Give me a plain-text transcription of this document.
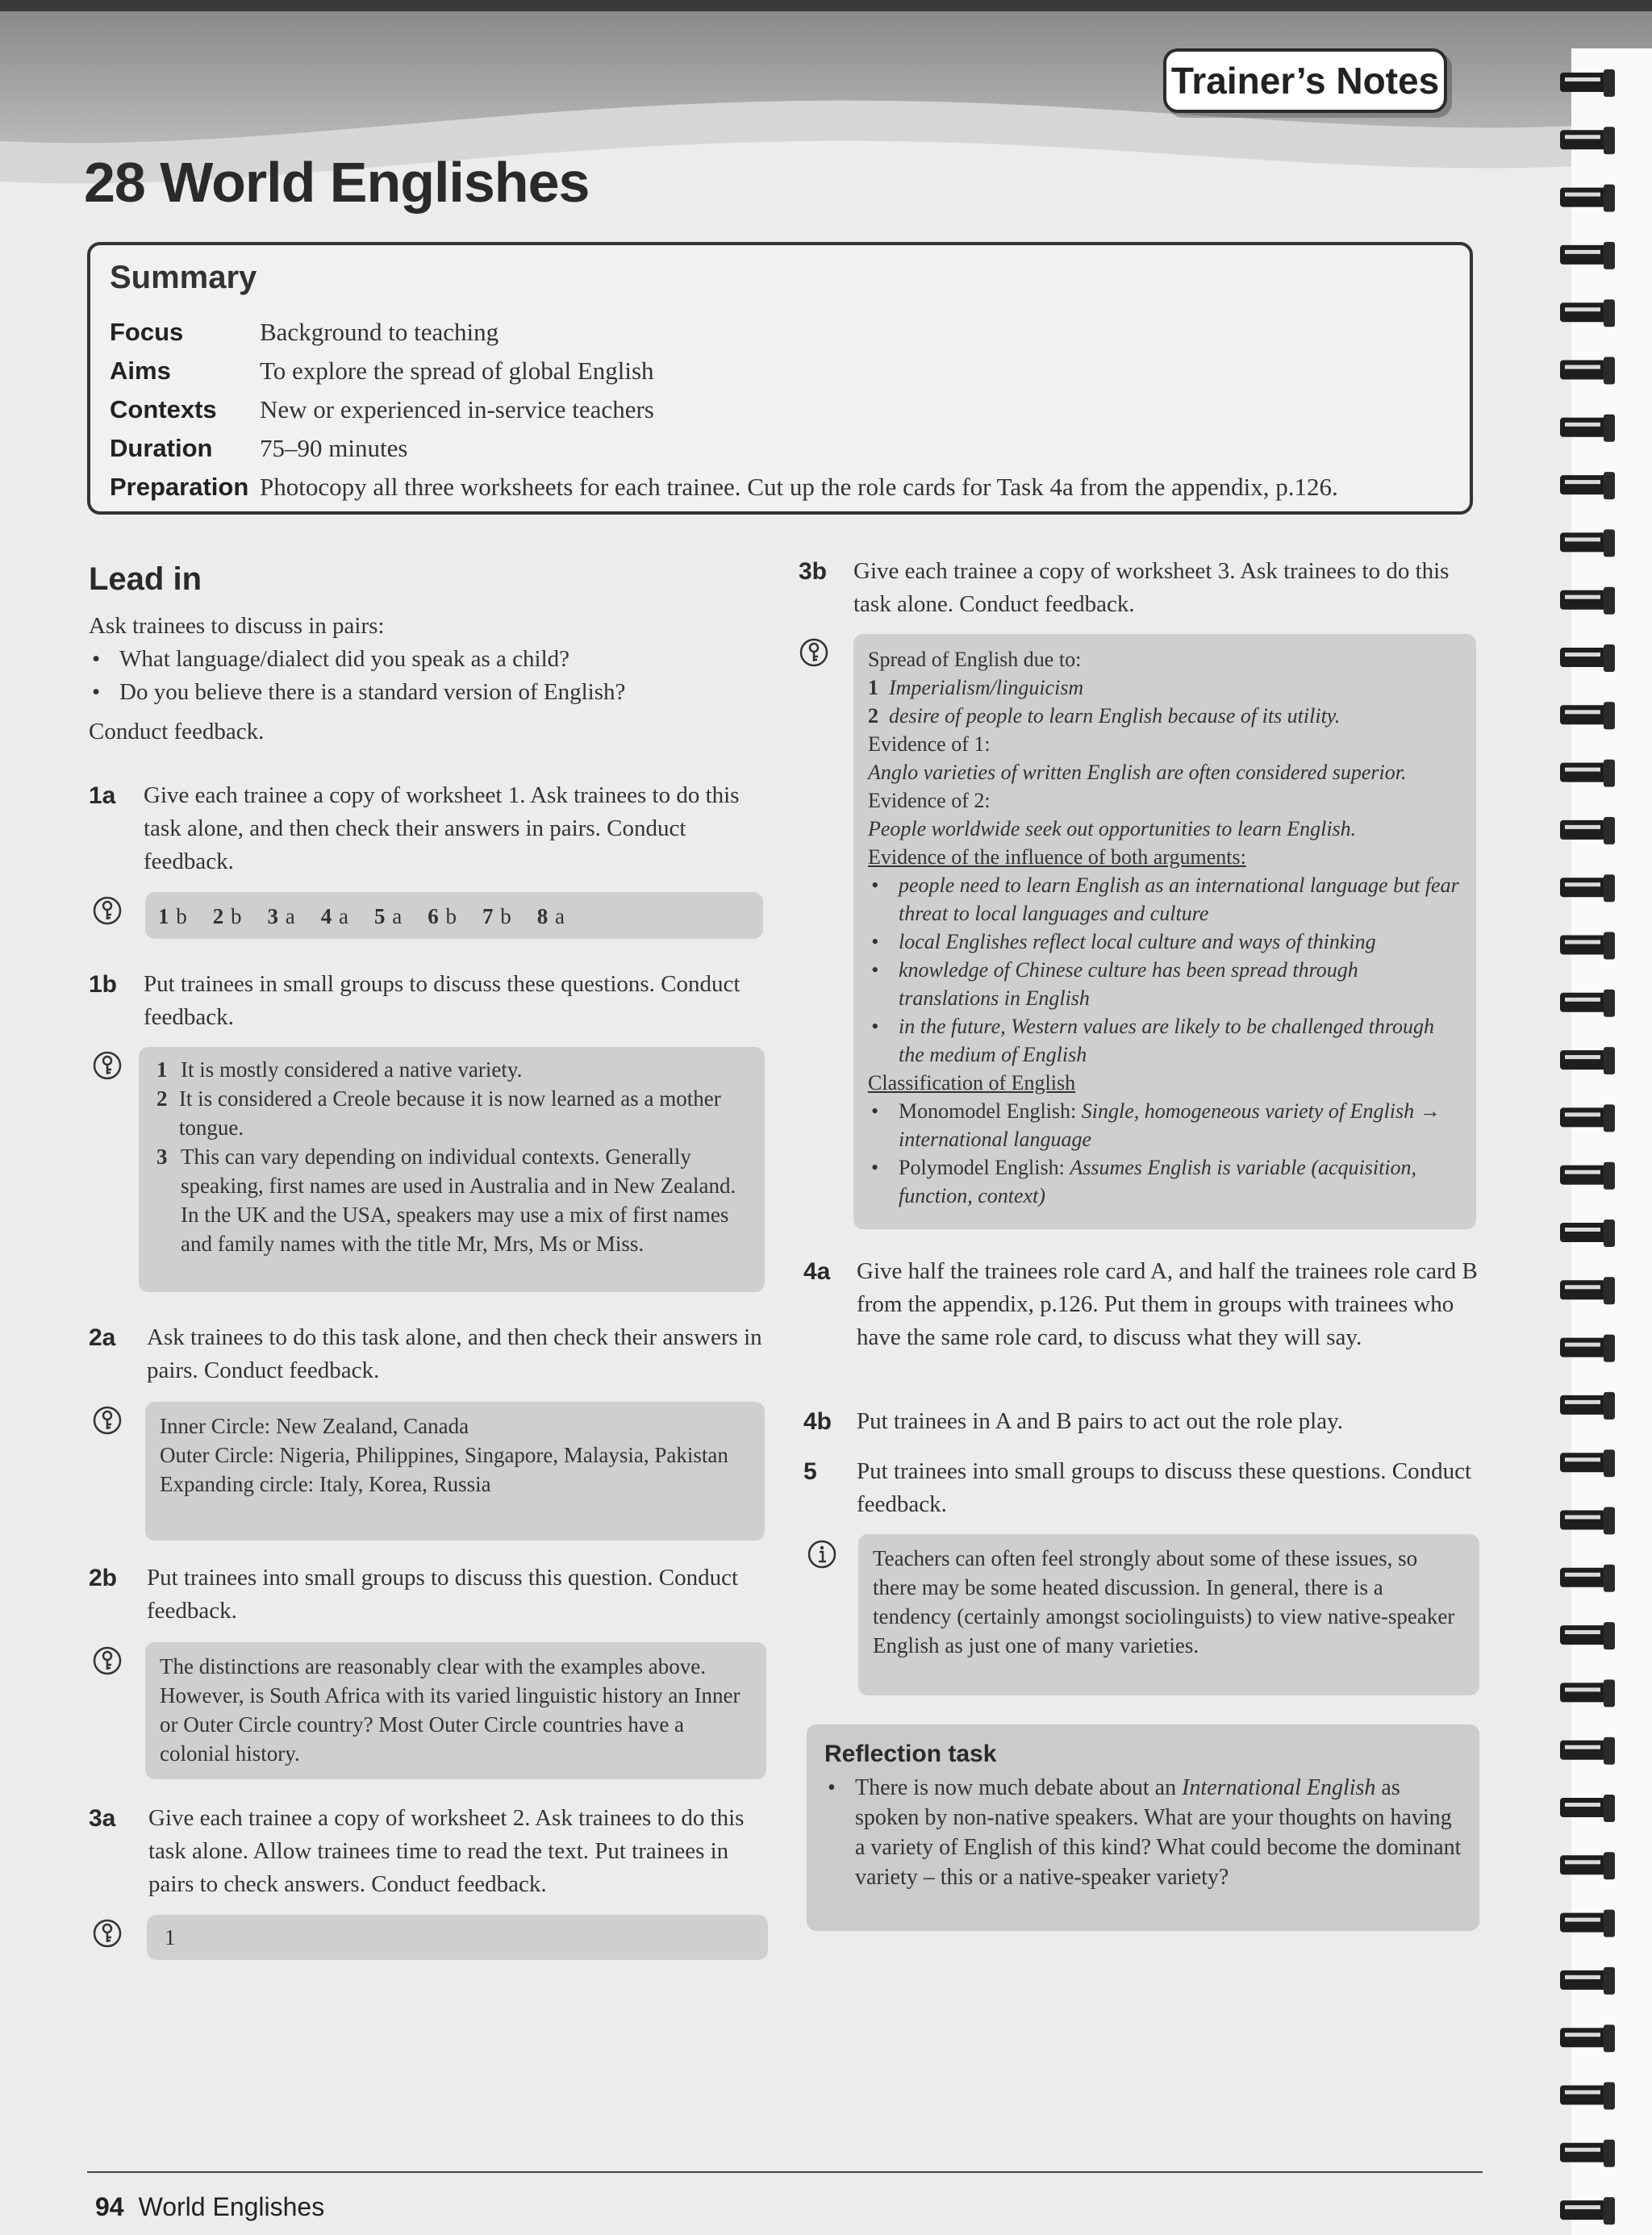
Trainer’s Notes
28 World Englishes
Summary
Focus	Background to teaching
Aims	To explore the spread of global English
Contexts	New or experienced in-service teachers
Duration	75–90 minutes
Preparation Photocopy all three worksheets for each trainee. Cut up the role cards for Task 4a from the appendix, p.126.
Lead in
Ask trainees to discuss in pairs:
• What language/dialect did you speak as a child?
• Do you believe there is a standard version of English?
Conduct feedback.
1a	Give each trainee a copy of worksheet 1. Ask trainees to do this task alone, and then check their answers in pairs. Conduct feedback.
1 b 2 b 3 a 4 a 5 a 6 b 7 b 8 a
1b	Put trainees in small groups to discuss these questions. Conduct feedback.
1 It is mostly considered a native variety.
2 It is considered a Creole because it is now learned as a mother tongue.
3 This can vary depending on individual contexts. Generally speaking, first names are used in Australia and in New Zealand. In the UK and the USA, speakers may use a mix of first names and family names with the title Mr, Mrs, Ms or Miss.
2a	Ask trainees to do this task alone, and then check their answers in pairs. Conduct feedback.
Inner Circle: New Zealand, Canada
Outer Circle: Nigeria, Philippines, Singapore, Malaysia, Pakistan
Expanding circle: Italy, Korea, Russia
2b	Put trainees into small groups to discuss this question. Conduct feedback.
The distinctions are reasonably clear with the examples above. However, is South Africa with its varied linguistic history an Inner or Outer Circle country? Most Outer Circle countries have a colonial history.
3a	Give each trainee a copy of worksheet 2. Ask trainees to do this task alone. Allow trainees time to read the text. Put trainees in pairs to check answers. Conduct feedback.
1
3b	Give each trainee a copy of worksheet 3. Ask trainees to do this task alone. Conduct feedback.
Spread of English due to:
1 Imperialism/linguicism
2 desire of people to learn English because of its utility.
Evidence of 1:
Anglo varieties of written English are often considered superior.
Evidence of 2:
People worldwide seek out opportunities to learn English.
Evidence of the influence of both arguments:
• people need to learn English as an international language but fear threat to local languages and culture
• local Englishes reflect local culture and ways of thinking
• knowledge of Chinese culture has been spread through translations in English
• in the future, Western values are likely to be challenged through the medium of English
Classification of English
• Monomodel English: Single, homogeneous variety of English → international language
• Polymodel English: Assumes English is variable (acquisition, function, context)
4a	Give half the trainees role card A, and half the trainees role card B from the appendix, p.126. Put them in groups with trainees who have the same role card, to discuss what they will say.
4b	Put trainees in A and B pairs to act out the role play.
5	Put trainees into small groups to discuss these questions. Conduct feedback.
Teachers can often feel strongly about some of these issues, so there may be some heated discussion. In general, there is a tendency (certainly amongst sociolinguists) to view native-speaker English as just one of many varieties.
Reflection task
• There is now much debate about an International English as spoken by non-native speakers. What are your thoughts on having a variety of English of this kind? What could become the dominant variety – this or a native-speaker variety?
94 World Englishes
